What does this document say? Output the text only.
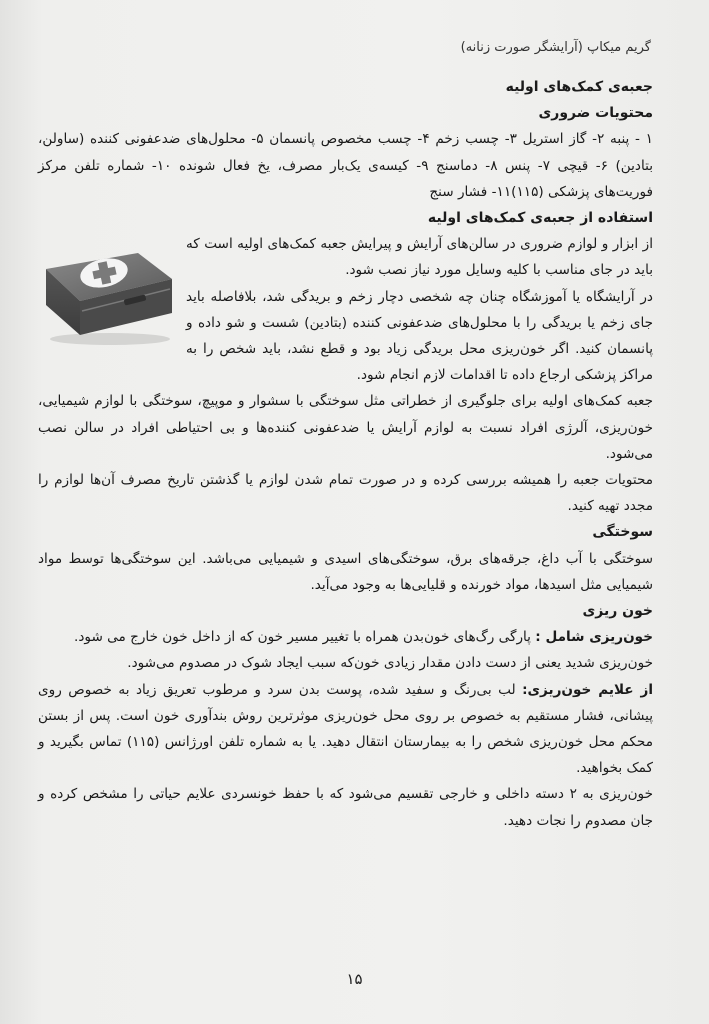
گریم میکاپ (آرایشگر صورت زنانه)
جعبه‌ی کمک‌های اولیه
محتویات ضروری

۱ - پنبه ۲- گاز استریل ۳- چسب زخم ۴- چسب مخصوص پانسمان ۵- محلول‌های ضدعفونی کننده (ساولن، بتادین) ۶- قیچی ۷- پنس ۸- دماسنج ۹- کیسه‌ی یک‌بار مصرف، یخ فعال شونده ۱۰- شماره تلفن مرکز فوریت‌های پزشکی (۱۱۵)۱۱- فشار سنج

استفاده از جعبه‌ی کمک‌های اولیه

از ابزار و لوازم ضروری در سالن‌های آرایش و پیرایش جعبه کمک‌های اولیه است که باید در جای مناسب با کلیه وسایل مورد نیاز نصب شود.

در آرایشگاه یا آموزشگاه چنان چه شخصی دچار زخم و بریدگی شد، بلافاصله باید جای زخم یا بریدگی را با محلول‌های ضدعفونی کننده (بتادین) شست و شو داده و پانسمان کنید. اگر خون‌ریزی محل بریدگی زیاد بود و قطع نشد، باید شخص را به مراکز پزشکی ارجاع داده تا اقدامات لازم انجام شود.

جعبه کمک‌های اولیه برای جلوگیری از خطراتی مثل سوختگی با سشوار و موپیچ، سوختگی با لوازم شیمیایی، خون‌ریزی، آلرژی افراد نسبت به لوازم آرایش یا ضدعفونی کننده‌ها و بی احتیاطی افراد در سالن نصب می‌شود.

محتویات جعبه را همیشه بررسی کرده و در صورت تمام شدن لوازم یا گذشتن تاریخ مصرف آن‌ها لوازم را مجدد تهیه کنید.

سوختگی

سوختگی با آب داغ، جرقه‌های برق، سوختگی‌های اسیدی و شیمیایی می‌باشد. این سوختگی‌ها توسط مواد شیمیایی مثل اسیدها، مواد خورنده و قلیایی‌ها به وجود می‌آید.

خون ریزی

خون‌ریزی شامل : پارگی رگ‌های خون‌بدن همراه با تغییر مسیر خون که از داخل خون خارج می شود.

خون‌ریزی شدید یعنی از دست دادن مقدار زیادی خون‌که سبب ایجاد شوک در مصدوم می‌شود.

از علایم خون‌ریزی: لب بی‌رنگ و سفید شده، پوست بدن سرد و مرطوب تعریق زیاد به خصوص روی پیشانی، فشار مستقیم به خصوص بر روی محل خون‌ریزی موثرترین روش بندآوری خون است. پس از بستن محکم محل خون‌ریزی شخص را به بیمارستان انتقال دهید. یا به شماره تلفن اورژانس (۱۱۵) تماس بگیرید و کمک بخواهید.

خون‌ریزی به ۲ دسته داخلی و خارجی تقسیم می‌شود که با حفظ خونسردی علایم حیاتی را مشخص کرده و جان مصدوم را نجات دهید.

۱۵
